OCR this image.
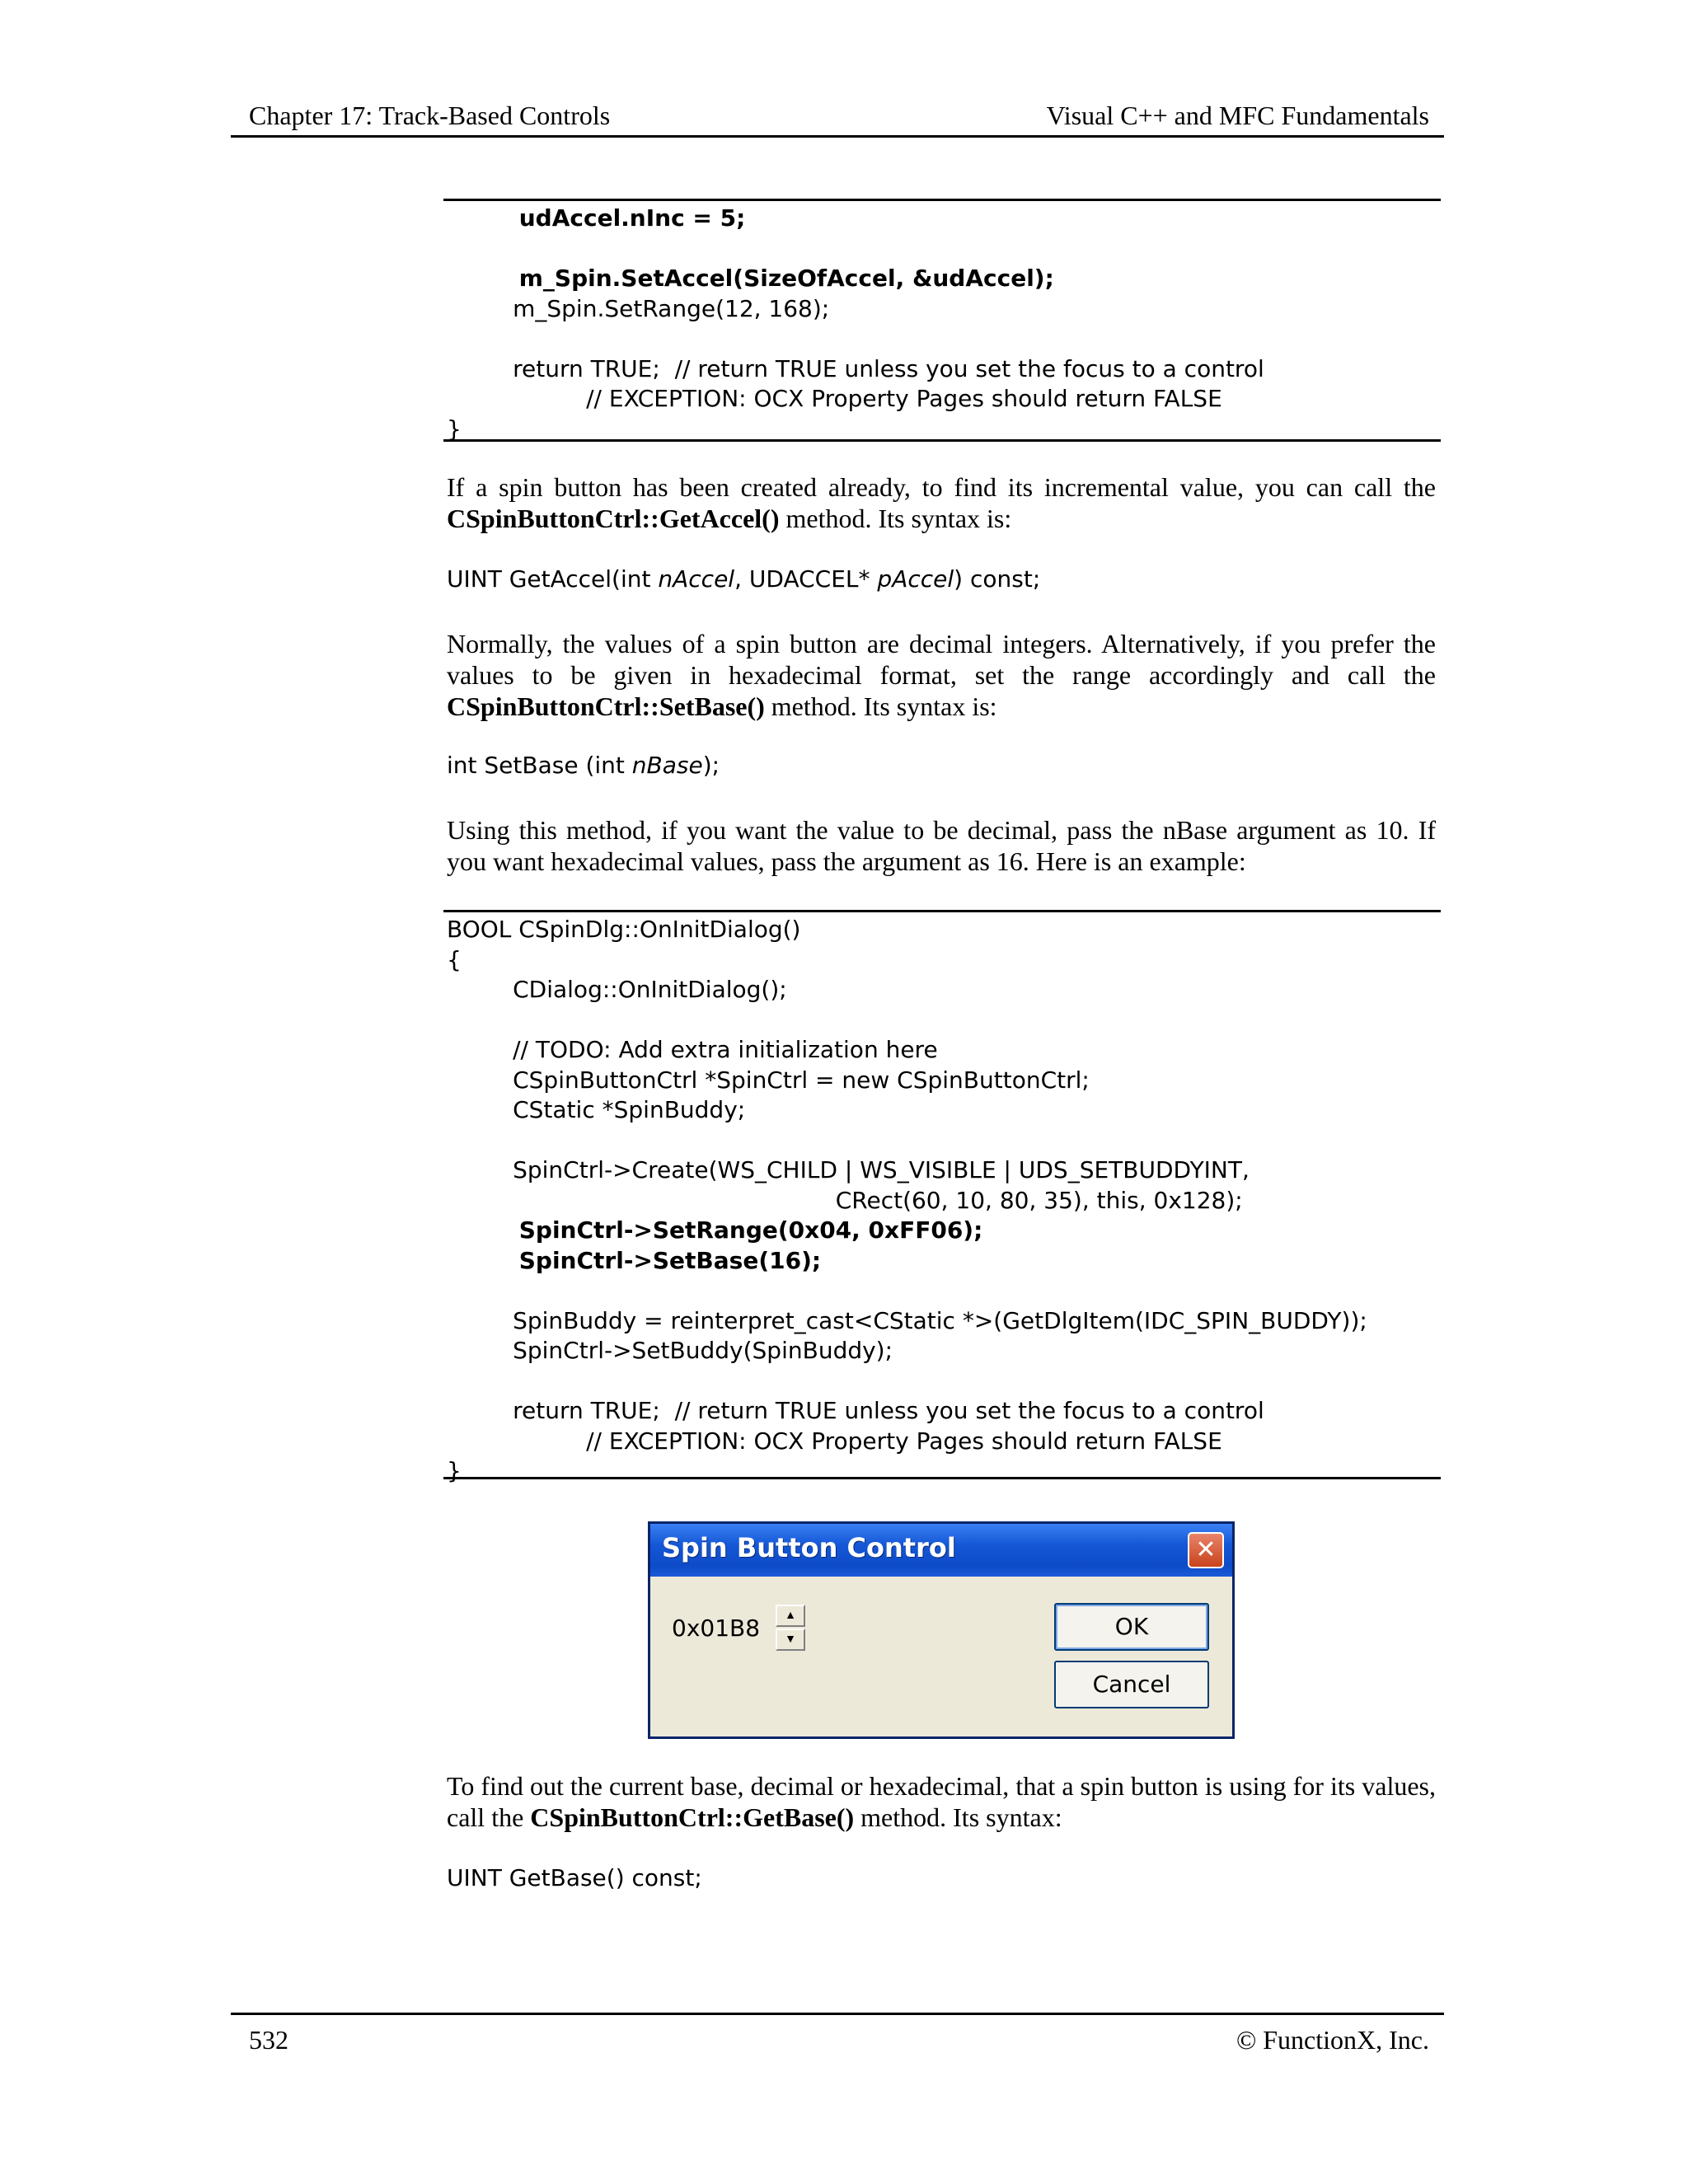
Chapter 17: Track-Based Controls	Visual C++ and MFC Fundamentals
udAccel.nInc = 5;
m_Spin.SetAccel(SizeOfAccel, &udAccel);
m_Spin.SetRange(12, 168);
return TRUE;  // return TRUE unless you set the focus to a control
// EXCEPTION: OCX Property Pages should return FALSE
}

If a spin button has been created already, to find its incremental value, you can call the CSpinButtonCtrl::GetAccel() method. Its syntax is:

UINT GetAccel(int nAccel, UDACCEL* pAccel) const;

Normally, the values of a spin button are decimal integers. Alternatively, if you prefer the values to be given in hexadecimal format, set the range accordingly and call the CSpinButtonCtrl::SetBase() method. Its syntax is:

int SetBase (int nBase);

Using this method, if you want the value to be decimal, pass the nBase argument as 10. If you want hexadecimal values, pass the argument as 16. Here is an example:

BOOL CSpinDlg::OnInitDialog()
{
CDialog::OnInitDialog();
// TODO: Add extra initialization here
CSpinButtonCtrl *SpinCtrl = new CSpinButtonCtrl;
CStatic *SpinBuddy;
SpinCtrl->Create(WS_CHILD | WS_VISIBLE | UDS_SETBUDDYINT,
CRect(60, 10, 80, 35), this, 0x128);
SpinCtrl->SetRange(0x04, 0xFF06);
SpinCtrl->SetBase(16);
SpinBuddy = reinterpret_cast<CStatic *>(GetDlgItem(IDC_SPIN_BUDDY));
SpinCtrl->SetBuddy(SpinBuddy);
return TRUE;  // return TRUE unless you set the focus to a control
// EXCEPTION: OCX Property Pages should return FALSE
}
Spin Button Control	✕
0x01B8	▲
▼	OK
Cancel

To find out the current base, decimal or hexadecimal, that a spin button is using for its values, call the CSpinButtonCtrl::GetBase() method. Its syntax:

UINT GetBase() const;

532	© FunctionX, Inc.
